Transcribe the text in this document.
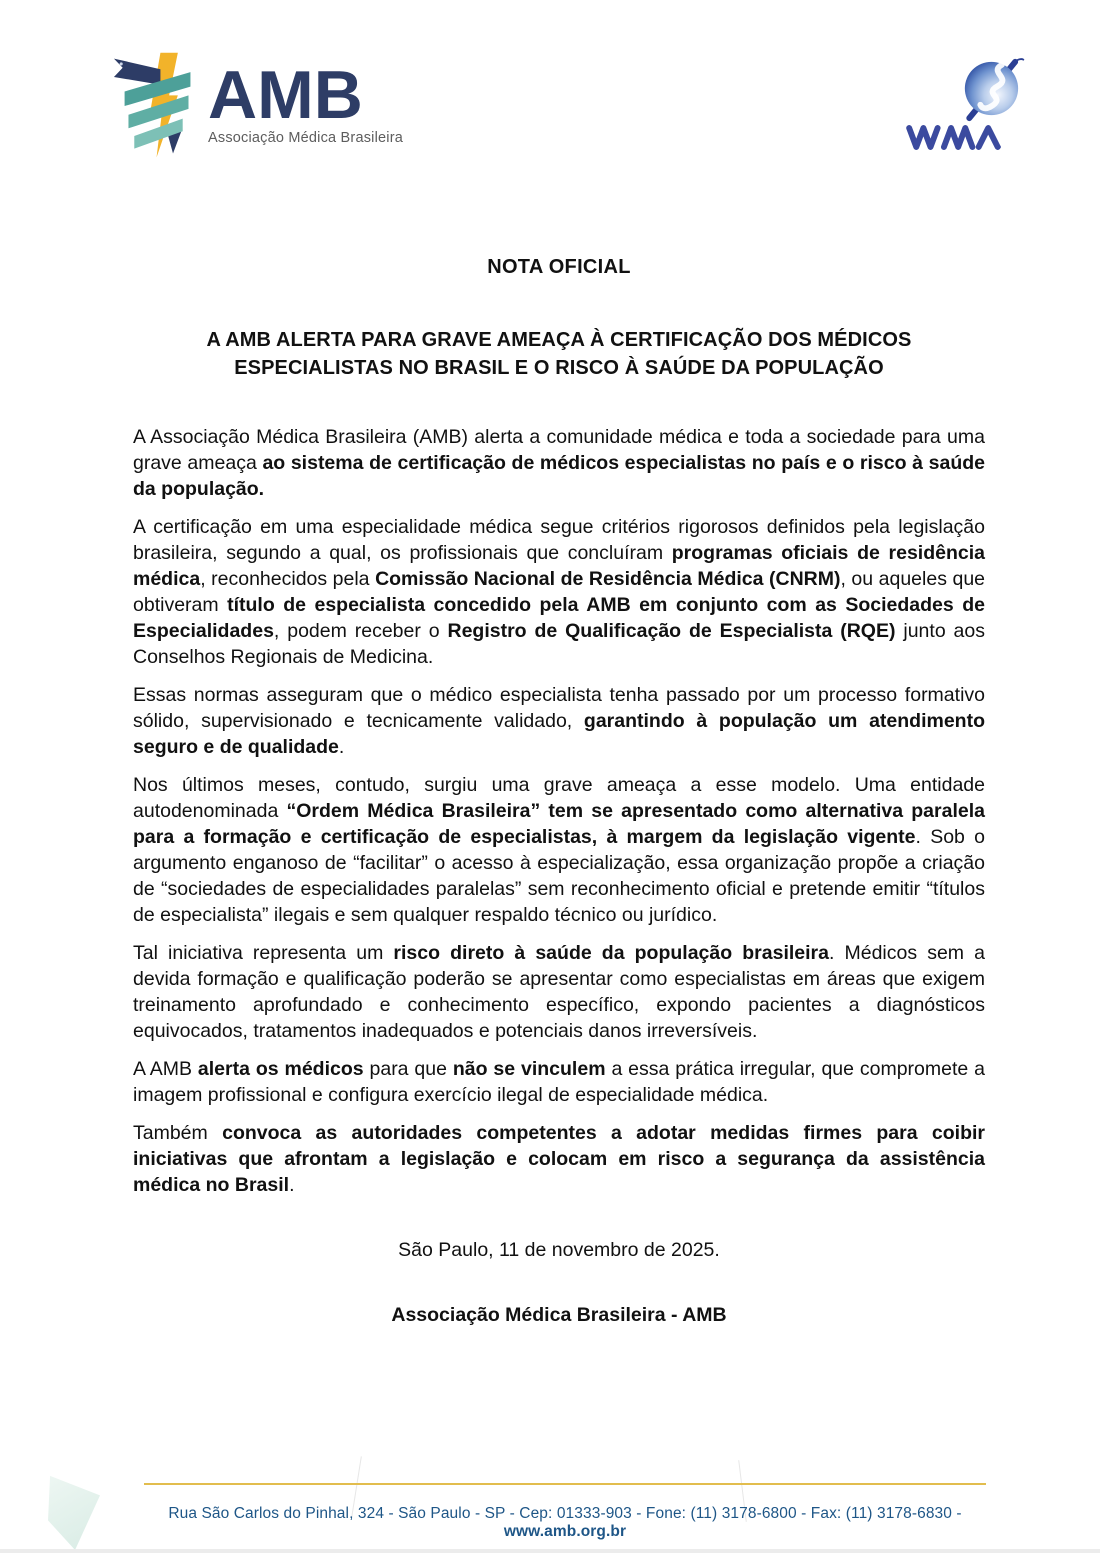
AMB
Associação Médica Brasileira
NOTA OFICIAL
A AMB ALERTA PARA GRAVE AMEAÇA À CERTIFICAÇÃO DOS MÉDICOS ESPECIALISTAS NO BRASIL E O RISCO À SAÚDE DA POPULAÇÃO

A Associação Médica Brasileira (AMB) alerta a comunidade médica e toda a sociedade para uma grave ameaça ao sistema de certificação de médicos especialistas no país e o risco à saúde da população.

A certificação em uma especialidade médica segue critérios rigorosos definidos pela legislação brasileira, segundo a qual, os profissionais que concluíram programas oficiais de residência médica, reconhecidos pela Comissão Nacional de Residência Médica (CNRM), ou aqueles que obtiveram título de especialista concedido pela AMB em conjunto com as Sociedades de Especialidades, podem receber o Registro de Qualificação de Especialista (RQE) junto aos Conselhos Regionais de Medicina.

Essas normas asseguram que o médico especialista tenha passado por um processo formativo sólido, supervisionado e tecnicamente validado, garantindo à população um atendimento seguro e de qualidade.

Nos últimos meses, contudo, surgiu uma grave ameaça a esse modelo. Uma entidade autodenominada “Ordem Médica Brasileira” tem se apresentado como alternativa paralela para a formação e certificação de especialistas, à margem da legislação vigente. Sob o argumento enganoso de “facilitar” o acesso à especialização, essa organização propõe a criação de “sociedades de especialidades paralelas” sem reconhecimento oficial e pretende emitir “títulos de especialista” ilegais e sem qualquer respaldo técnico ou jurídico.

Tal iniciativa representa um risco direto à saúde da população brasileira. Médicos sem a devida formação e qualificação poderão se apresentar como especialistas em áreas que exigem treinamento aprofundado e conhecimento específico, expondo pacientes a diagnósticos equivocados, tratamentos inadequados e potenciais danos irreversíveis.

A AMB alerta os médicos para que não se vinculem a essa prática irregular, que compromete a imagem profissional e configura exercício ilegal de especialidade médica.

Também convoca as autoridades competentes a adotar medidas firmes para coibir iniciativas que afrontam a legislação e colocam em risco a segurança da assistência médica no Brasil.

São Paulo, 11 de novembro de 2025.
Associação Médica Brasileira - AMB
Rua São Carlos do Pinhal, 324 - São Paulo - SP - Cep: 01333-903 - Fone: (11) 3178-6800 - Fax: (11) 3178-6830 - www.amb.org.br
